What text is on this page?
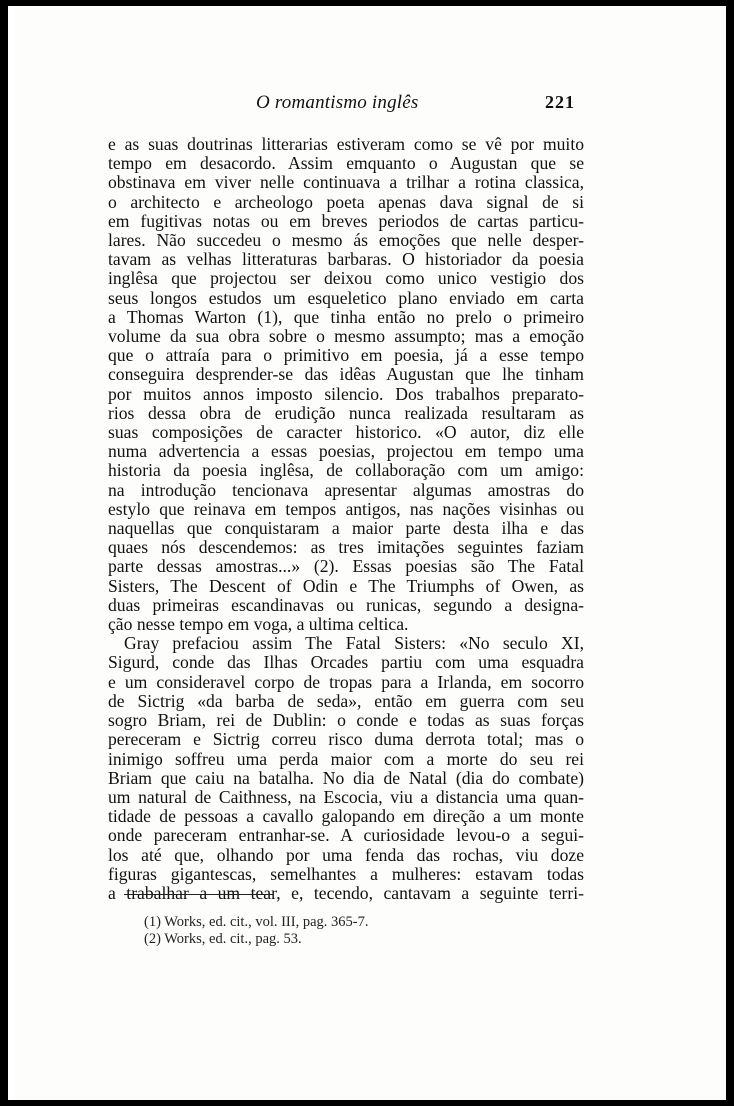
O romantismo inglês	221
e as suas doutrinas litterarias estiveram como se vê por muito
tempo em desacordo. Assim emquanto o Augustan que se
obstinava em viver nelle continuava a trilhar a rotina classica,
o architecto e archeologo poeta apenas dava signal de si
em fugitivas notas ou em breves periodos de cartas particu-
lares. Não succedeu o mesmo ás emoções que nelle desper-
tavam as velhas litteraturas barbaras. O historiador da poesia
inglêsa que projectou ser deixou como unico vestigio dos
seus longos estudos um esqueletico plano enviado em carta
a Thomas Warton (1), que tinha então no prelo o primeiro
volume da sua obra sobre o mesmo assumpto; mas a emoção
que o attraía para o primitivo em poesia, já a esse tempo
conseguira desprender-se das idêas Augustan que lhe tinham
por muitos annos imposto silencio. Dos trabalhos preparato-
rios dessa obra de erudição nunca realizada resultaram as
suas composições de caracter historico. «O autor, diz elle
numa advertencia a essas poesias, projectou em tempo uma
historia da poesia inglêsa, de collaboração com um amigo:
na introdução tencionava apresentar algumas amostras do
estylo que reinava em tempos antigos, nas nações visinhas ou
naquellas que conquistaram a maior parte desta ilha e das
quaes nós descendemos: as tres imitações seguintes faziam
parte dessas amostras...» (2). Essas poesias são The Fatal
Sisters, The Descent of Odin e The Triumphs of Owen, as
duas primeiras escandinavas ou runicas, segundo a designa-
ção nesse tempo em voga, a ultima celtica.
Gray prefaciou assim The Fatal Sisters: «No seculo XI,
Sigurd, conde das Ilhas Orcades partiu com uma esquadra
e um consideravel corpo de tropas para a Irlanda, em socorro
de Sictrig «da barba de seda», então em guerra com seu
sogro Briam, rei de Dublin: o conde e todas as suas forças
pereceram e Sictrig correu risco duma derrota total; mas o
inimigo soffreu uma perda maior com a morte do seu rei
Briam que caiu na batalha. No dia de Natal (dia do combate)
um natural de Caithness, na Escocia, viu a distancia uma quan-
tidade de pessoas a cavallo galopando em direção a um monte
onde pareceram entranhar-se. A curiosidade levou-o a segui-
los até que, olhando por uma fenda das rochas, viu doze
figuras gigantescas, semelhantes a mulheres: estavam todas
a trabalhar a um tear, e, tecendo, cantavam a seguinte terri-
(1) Works, ed. cit., vol. III, pag. 365-7.
(2) Works, ed. cit., pag. 53.
